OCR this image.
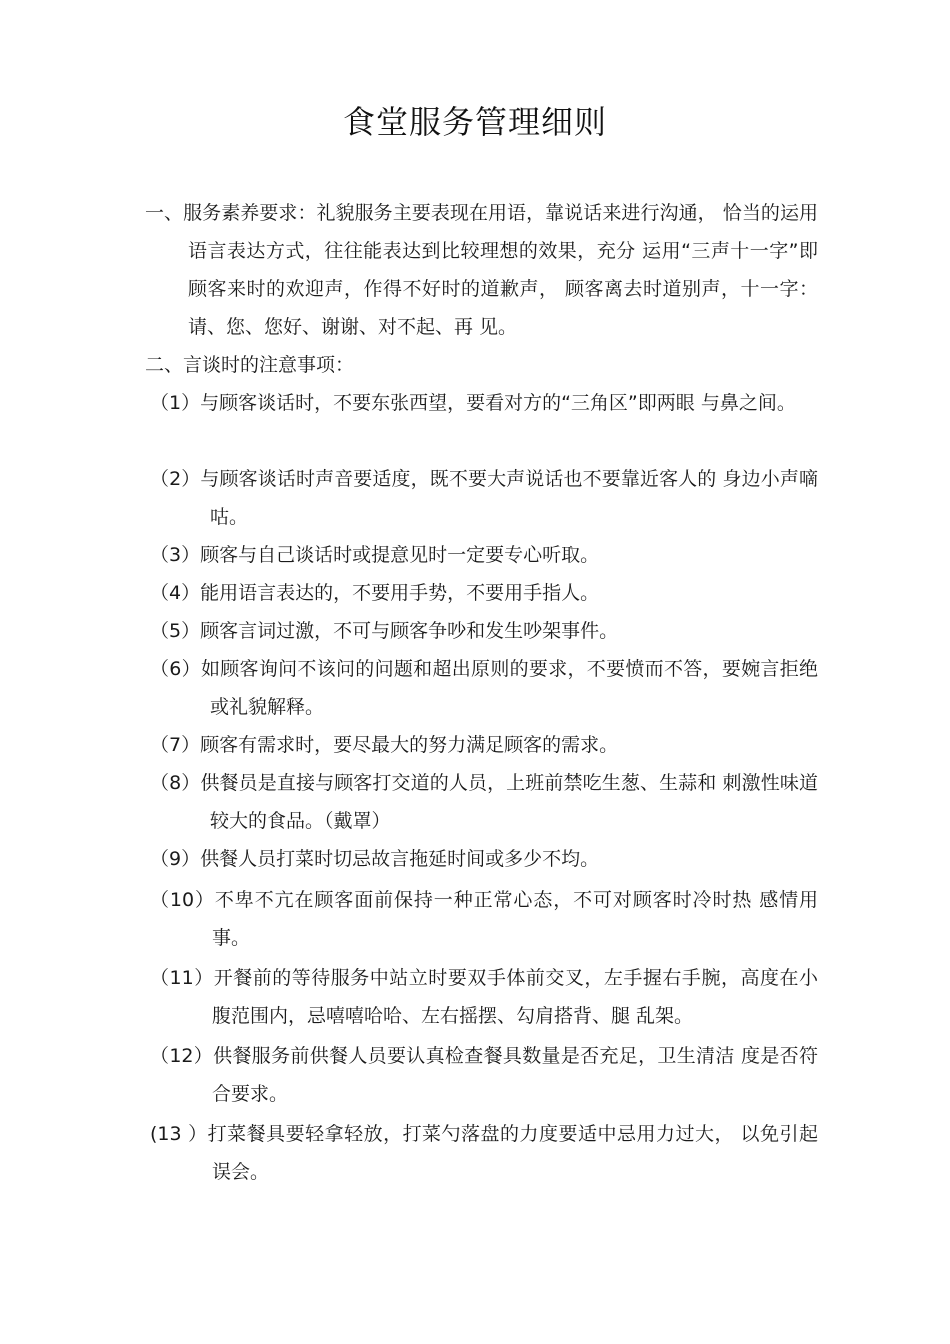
食堂服务管理细则

一、服务素养要求：礼貌服务主要表现在用语，靠说话来进行沟通， 恰当的运用语言表达方式，往往能表达到比较理想的效果，充分 运用“三声十一字”即顾客来时的欢迎声，作得不好时的道歉声， 顾客离去时道别声，十一字：请、您、您好、谢谢、对不起、再 见。

二、言谈时的注意事项：

（1）与顾客谈话时，不要东张西望，要看对方的“三角区”即两眼 与鼻之间。

（2）与顾客谈话时声音要适度，既不要大声说话也不要靠近客人的 身边小声嘀咕。

（3）顾客与自己谈话时或提意见时一定要专心听取。

（4）能用语言表达的，不要用手势，不要用手指人。

（5）顾客言词过激，不可与顾客争吵和发生吵架事件。

（6）如顾客询问不该问的问题和超出原则的要求，不要愤而不答，要婉言拒绝或礼貌解释。

（7）顾客有需求时，要尽最大的努力满足顾客的需求。

（8）供餐员是直接与顾客打交道的人员，上班前禁吃生葱、生蒜和 刺激性味道较大的食品。（戴罩）

（9）供餐人员打菜时切忌故言拖延时间或多少不均。

（10）不卑不亢在顾客面前保持一种正常心态，不可对顾客时冷时热 感情用事。

（11）开餐前的等待服务中站立时要双手体前交叉，左手握右手腕，高度在小腹范围内，忌嘻嘻哈哈、左右摇摆、勾肩搭背、腿 乱架。

（12）供餐服务前供餐人员要认真检查餐具数量是否充足，卫生清洁 度是否符合要求。

(13 ）打菜餐具要轻拿轻放，打菜勺落盘的力度要适中忌用力过大， 以免引起误会。
